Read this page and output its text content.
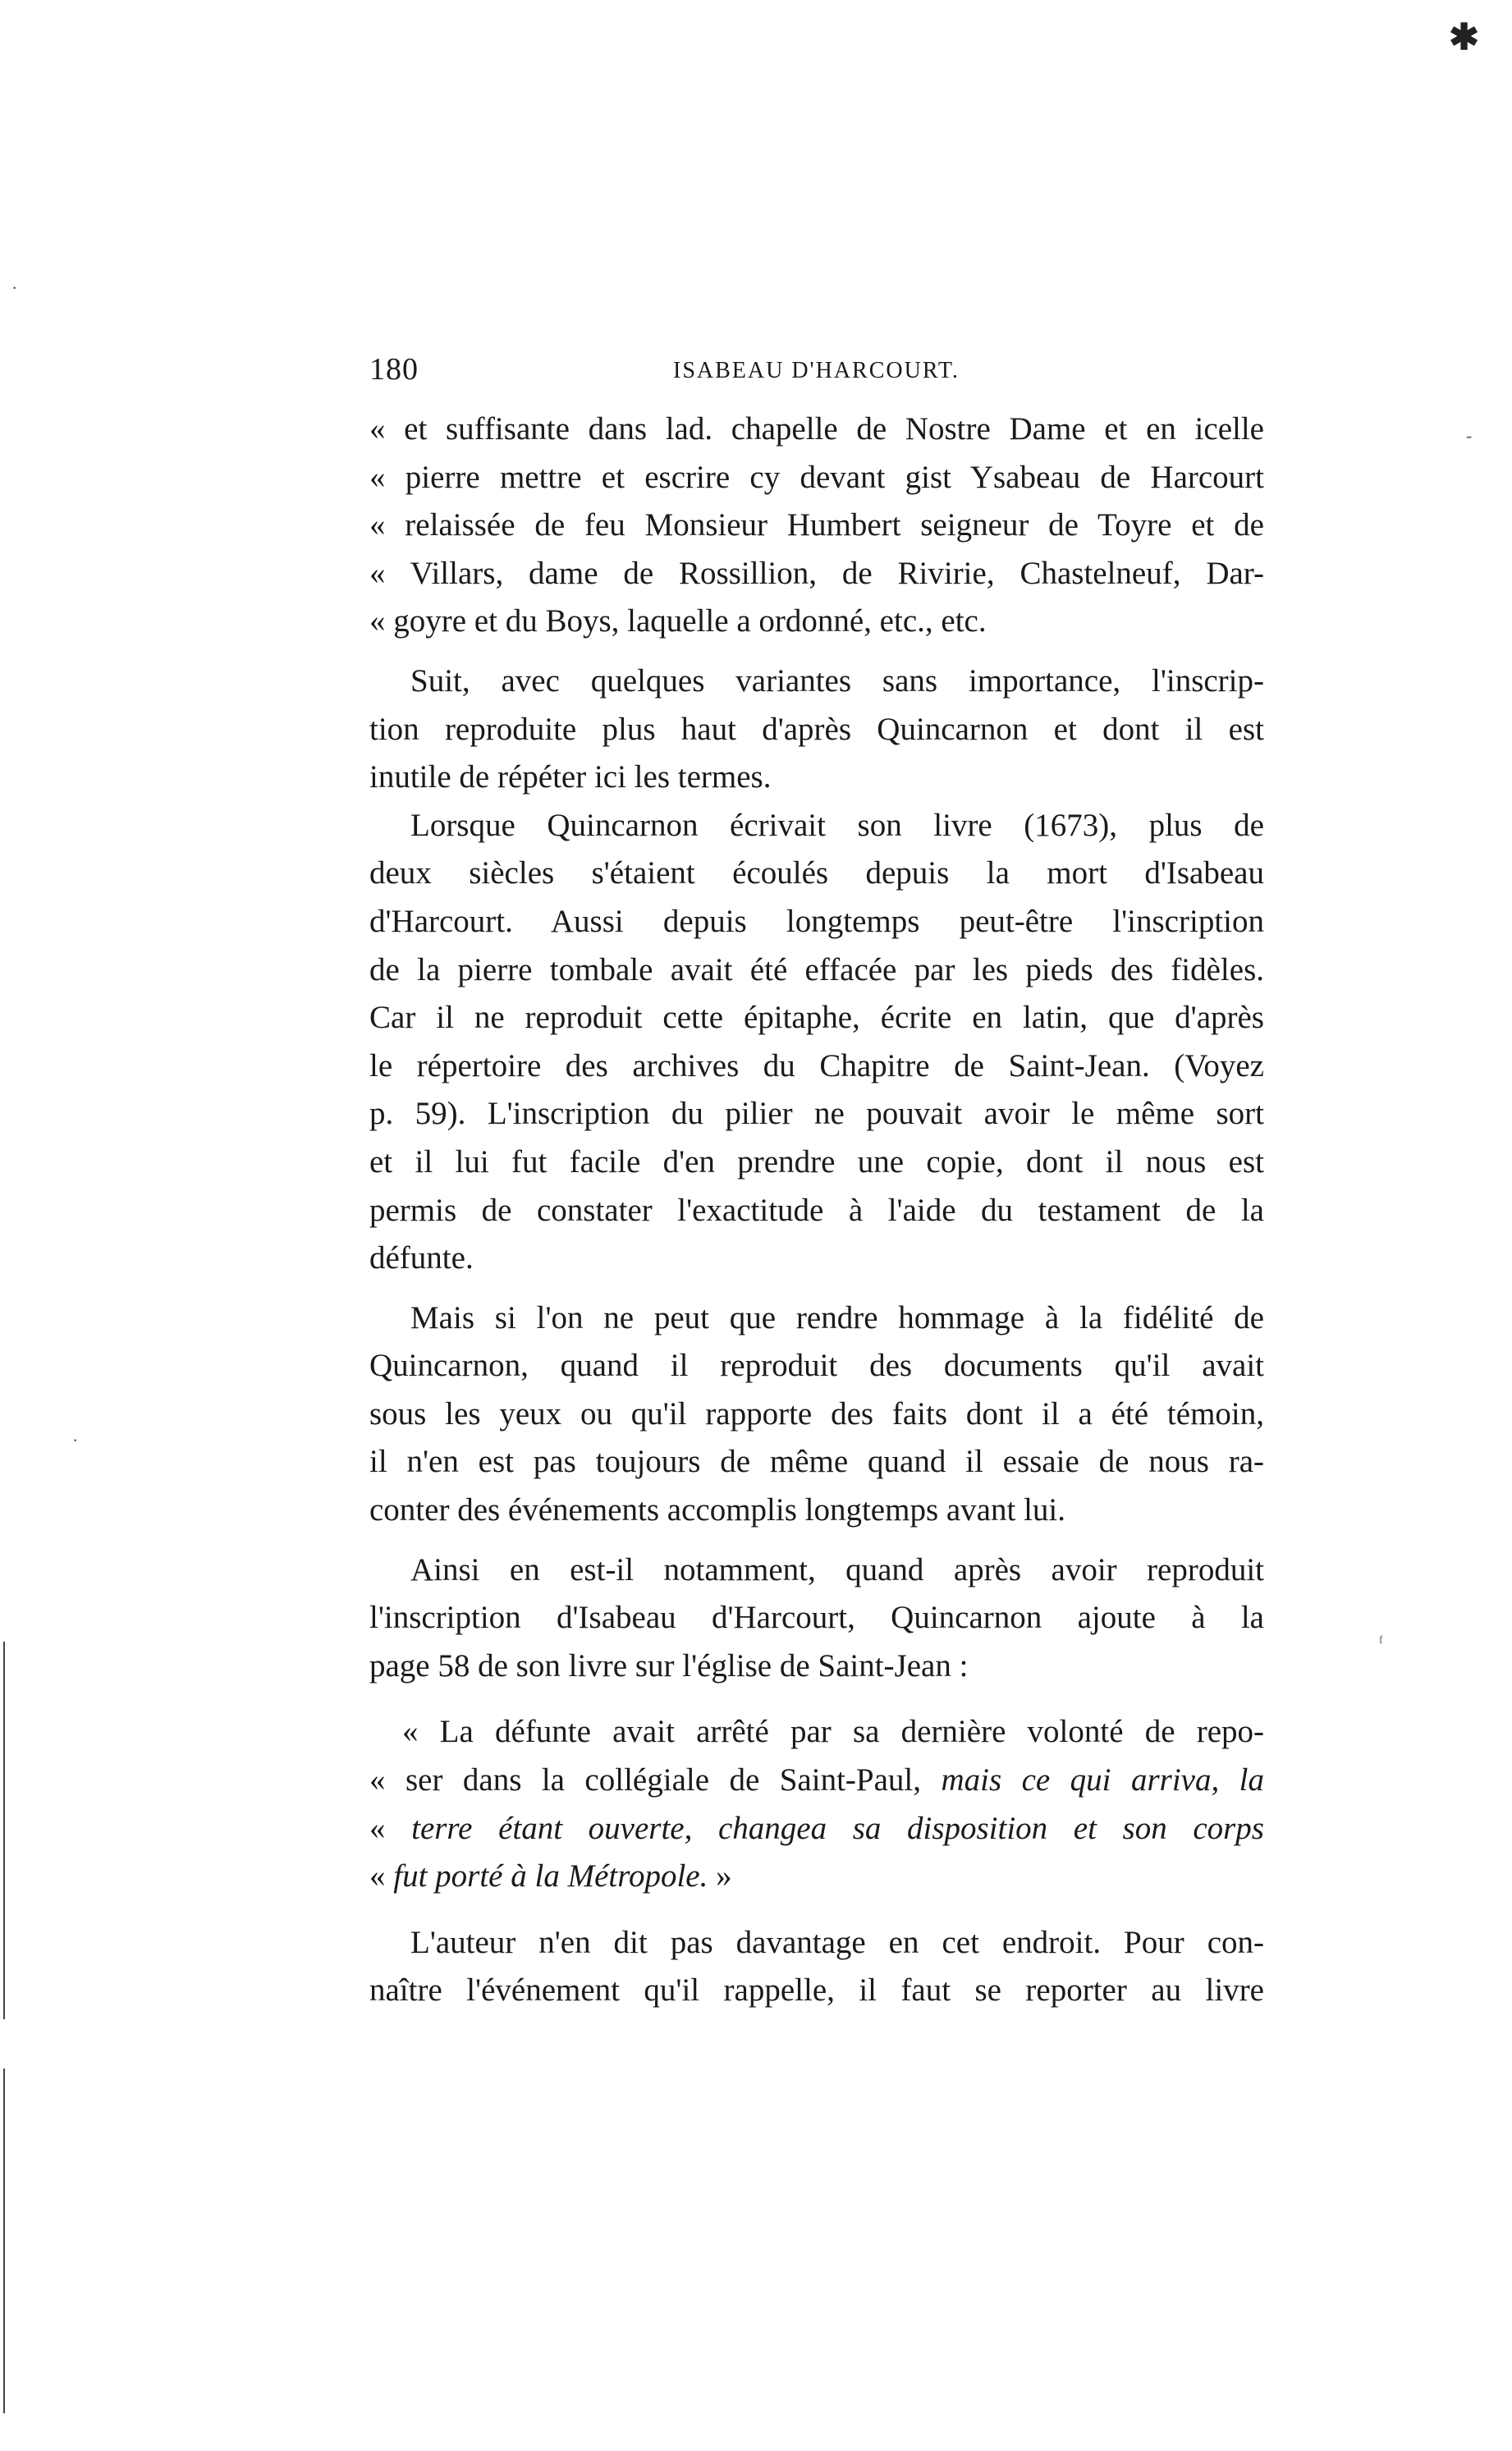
✱
·
-
·
ᶠ
180	ISABEAU D'HARCOURT.
« et suffisante dans lad. chapelle de Nostre Dame et en icelle
« pierre mettre et escrire cy devant gist Ysabeau de Harcourt
« relaissée de feu Monsieur Humbert seigneur de Toyre et de
« Villars, dame de Rossillion, de Rivirie, Chastelneuf, Dar-
« goyre et du Boys, laquelle a ordonné, etc., etc.
Suit, avec quelques variantes sans importance, l'inscrip-
tion reproduite plus haut d'après Quincarnon et dont il est
inutile de répéter ici les termes.
Lorsque Quincarnon écrivait son livre (1673), plus de
deux siècles s'étaient écoulés depuis la mort d'Isabeau
d'Harcourt. Aussi depuis longtemps peut-être l'inscription
de la pierre tombale avait été effacée par les pieds des fidèles.
Car il ne reproduit cette épitaphe, écrite en latin, que d'après
le répertoire des archives du Chapitre de Saint-Jean. (Voyez
p. 59). L'inscription du pilier ne pouvait avoir le même sort
et il lui fut facile d'en prendre une copie, dont il nous est
permis de constater l'exactitude à l'aide du testament de la
défunte.
Mais si l'on ne peut que rendre hommage à la fidélité de
Quincarnon, quand il reproduit des documents qu'il avait
sous les yeux ou qu'il rapporte des faits dont il a été témoin,
il n'en est pas toujours de même quand il essaie de nous ra-
conter des événements accomplis longtemps avant lui.
Ainsi en est-il notamment, quand après avoir reproduit
l'inscription d'Isabeau d'Harcourt, Quincarnon ajoute à la
page 58 de son livre sur l'église de Saint-Jean :
« La défunte avait arrêté par sa dernière volonté de repo-
« ser dans la collégiale de Saint-Paul, mais ce qui arriva, la
« terre étant ouverte, changea sa disposition et son corps
« fut porté à la Métropole. »
L'auteur n'en dit pas davantage en cet endroit. Pour con-
naître l'événement qu'il rappelle, il faut se reporter au livre
